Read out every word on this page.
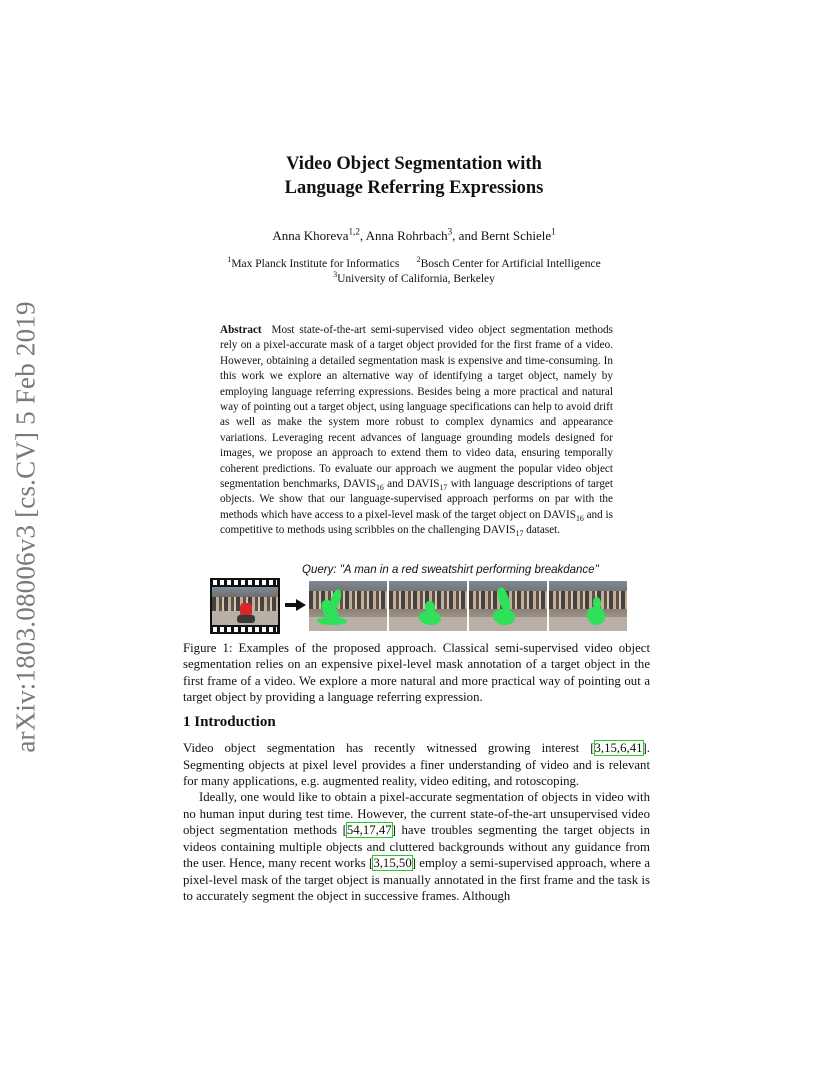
arXiv:1803.08006v3 [cs.CV] 5 Feb 2019
Video Object Segmentation with
Language Referring Expressions
Anna Khoreva$^{1,2}$, Anna Rohrbach$^3$, and Bernt Schiele$^1$
$^1$Max Planck Institute for Informatics $^2$Bosch Center for Artificial Intelligence
$^3$University of California, Berkeley
Abstract Most state-of-the-art semi-supervised video object segmentation methods rely on a pixel-accurate mask of a target object provided for the first frame of a video. However, obtaining a detailed segmentation mask is expensive and time-consuming. In this work we explore an alternative way of identifying a target object, namely by employing language referring expressions. Besides being a more practical and natural way of pointing out a target object, using language specifications can help to avoid drift as well as make the system more robust to complex dynamics and appearance variations. Leveraging recent advances of language grounding models designed for images, we propose an approach to extend them to video data, ensuring temporally coherent predictions. To evaluate our approach we augment the popular video object segmentation benchmarks, $DAVIS_{16}$ and $DAVIS_{17}$ with language descriptions of target objects. We show that our language-supervised approach performs on par with the methods which have access to a pixel-level mask of the target object on $DAVIS_{16}$ and is competitive to methods using scribbles on the challenging $DAVIS_{17}$ dataset.
Query: "A man in a red sweatshirt performing breakdance"
Figure 1: Examples of the proposed approach. Classical semi-supervised video object segmentation relies on an expensive pixel-level mask annotation of a target object in the first frame of a video. We explore a more natural and more practical way of pointing out a target object by providing a language referring expression.
1 Introduction
Video object segmentation has recently witnessed growing interest [3,15,6,41]. Segmenting objects at pixel level provides a finer understanding of video and is relevant for many applications, e.g. augmented reality, video editing, and rotoscoping.
Ideally, one would like to obtain a pixel-accurate segmentation of objects in video with no human input during test time. However, the current state-of-the-art unsupervised video object segmentation methods [54,17,47] have troubles segmenting the target objects in videos containing multiple objects and cluttered backgrounds without any guidance from the user. Hence, many recent works [3,15,50] employ a semi-supervised approach, where a pixel-level mask of the target object is manually annotated in the first frame and the task is to accurately segment the object in successive frames. Although
